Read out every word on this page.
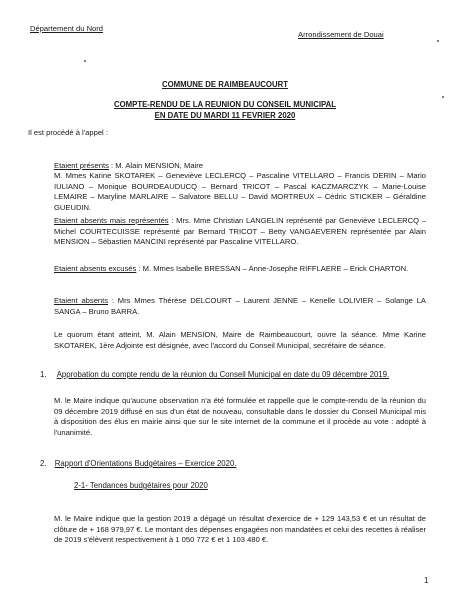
Département du Nord
Arrondissement de Douai
COMMUNE DE RAIMBEAUCOURT
COMPTE-RENDU DE LA REUNION DU CONSEIL MUNICIPAL
EN DATE DU MARDI 11 FEVRIER 2020
Il est procédé à l'appel :

Etaient présents : M. Alain MENSION, Maire
M. Mmes Karine SKOTAREK – Geneviève LECLERCQ – Pascaline VITELLARO – Francis DERIN – Mario IULIANO – Monique BOURDEAUDUCQ – Bernard TRICOT – Pascal KACZMARCZYK – Marie-Louise LEMAIRE – Maryline MARLAIRE – Salvatore BELLU – David MORTREUX – Cédric STICKER – Géraldine GUEUDIN.

Etaient absents mais représentés : Mrs. Mme Christian LANGELIN représenté par Geneviève LECLERCQ – Michel COURTECUISSE représenté par Bernard TRICOT – Betty VANGAEVEREN représentée par Alain MENSION – Sébastien MANCINI représenté par Pascaline VITELLARO.
Etaient absents excusés : M. Mmes Isabelle BRESSAN – Anne-Josephe RIFFLAERE – Erick CHARTON.
Etaient absents : Mrs Mmes Thérèse DELCOURT – Laurent JENNE – Kenelle LOLIVIER – Solange LA SANGA – Bruno BARRA.
Le quorum étant atteint, M. Alain MENSION, Maire de Raimbeaucourt, ouvre la séance. Mme Karine SKOTAREK, 1ère Adjointe est désignée, avec l'accord du Conseil Municipal, secrétaire de séance.
1. Approbation du compte rendu de la réunion du Conseil Municipal en date du 09 décembre 2019.
M. le Maire indique qu'aucune observation n'a été formulée et rappelle que le compte-rendu de la réunion du 09 décembre 2019 diffusé en sus d'un état de nouveau, consultable dans le dossier du Conseil Municipal mis à disposition des élus en mairie ainsi que sur le site internet de la commune et il procède au vote : adopté à l'unanimité.
2. Rapport d'Orientations Budgétaires – Exercice 2020.
2-1- Tendances budgétaires pour 2020
M. le Maire indique que la gestion 2019 a dégagé un résultat d'exercice de + 129 143,53 € et un résultat de clôture de + 168 979,97 €. Le montant des dépenses engagées non mandatées et celui des recettes à réaliser de 2019 s'élèvent respectivement à 1 050 772 € et 1 103 480 €.
1
